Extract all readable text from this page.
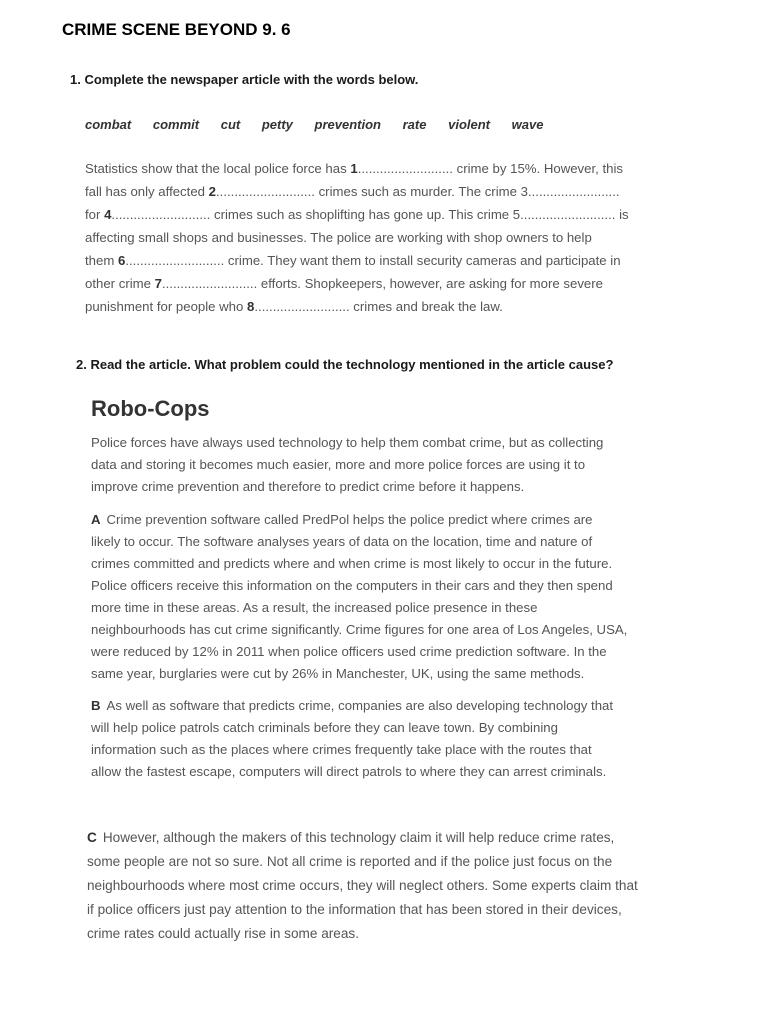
CRIME SCENE BEYOND 9. 6
1. Complete the newspaper article with the words below.
combat commit cut petty prevention rate violent wave
Statistics show that the local police force has 1.......................... crime by 15%. However, this
fall has only affected 2........................... crimes such as murder. The crime 3.........................
for 4........................... crimes such as shoplifting has gone up. This crime 5.......................... is
affecting small shops and businesses. The police are working with shop owners to help
them 6........................... crime. They want them to install security cameras and participate in
other crime 7.......................... efforts. Shopkeepers, however, are asking for more severe
punishment for people who 8.......................... crimes and break the law.
2. Read the article. What problem could the technology mentioned in the article cause?
Robo-Cops
Police forces have always used technology to help them combat crime, but as collecting
data and storing it becomes much easier, more and more police forces are using it to
improve crime prevention and therefore to predict crime before it happens.
A Crime prevention software called PredPol helps the police predict where crimes are
likely to occur. The software analyses years of data on the location, time and nature of
crimes committed and predicts where and when crime is most likely to occur in the future.
Police officers receive this information on the computers in their cars and they then spend
more time in these areas. As a result, the increased police presence in these
neighbourhoods has cut crime significantly. Crime figures for one area of Los Angeles, USA,
were reduced by 12% in 2011 when police officers used crime prediction software. In the
same year, burglaries were cut by 26% in Manchester, UK, using the same methods.
B As well as software that predicts crime, companies are also developing technology that
will help police patrols catch criminals before they can leave town. By combining
information such as the places where crimes frequently take place with the routes that
allow the fastest escape, computers will direct patrols to where they can arrest criminals.
C However, although the makers of this technology claim it will help reduce crime rates,
some people are not so sure. Not all crime is reported and if the police just focus on the
neighbourhoods where most crime occurs, they will neglect others. Some experts claim that
if police officers just pay attention to the information that has been stored in their devices,
crime rates could actually rise in some areas.
